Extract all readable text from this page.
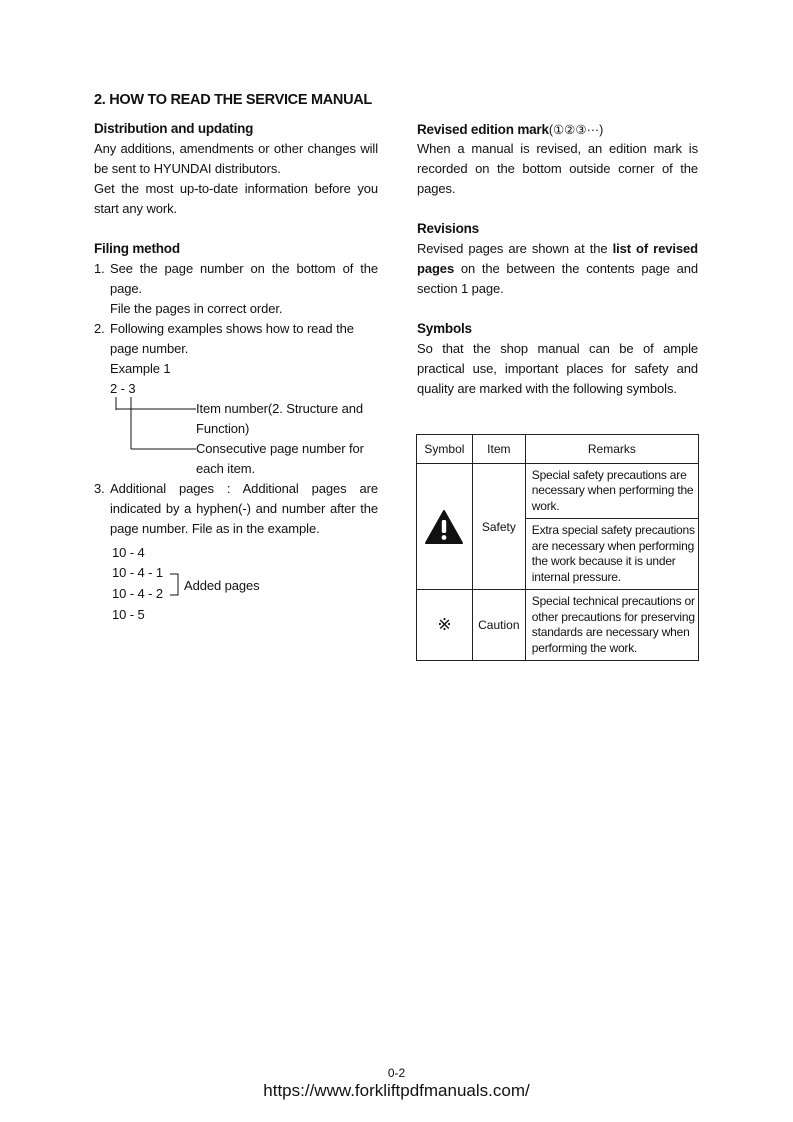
2. HOW TO READ THE SERVICE MANUAL
Distribution and updating
Any additions, amendments or other changes will be sent to HYUNDAI distributors.
Get the most up-to-date information before you start any work.
Filing method
1. See the page number on the bottom of the page.
File the pages in correct order.
2. Following examples shows how to read the page number.
Example 1
2 - 3
Item number(2. Structure and Function)
Consecutive page number for each item.
3. Additional pages : Additional pages are indicated by a hyphen(-) and number after the page number. File as in the example.
10 - 4
10 - 4 - 1
10 - 4 - 2
10 - 5
Added pages
Revised edition mark(①②③···)
When a manual is revised, an edition mark is recorded on the bottom outside corner of the pages.
Revisions
Revised pages are shown at the list of revised pages on the between the contents page and section 1 page.
Symbols
So that the shop manual can be of ample practical use, important places for safety and quality are marked with the following symbols.
Symbol	Item	Remarks

	Safety	Special safety precautions are necessary when performing the work.
		Extra special safety precautions are necessary when performing the work because it is under internal pressure.
※	Caution	Special technical precautions or other precautions for preserving standards are necessary when performing the work.
0-2
https://www.forkliftpdfmanuals.com/
